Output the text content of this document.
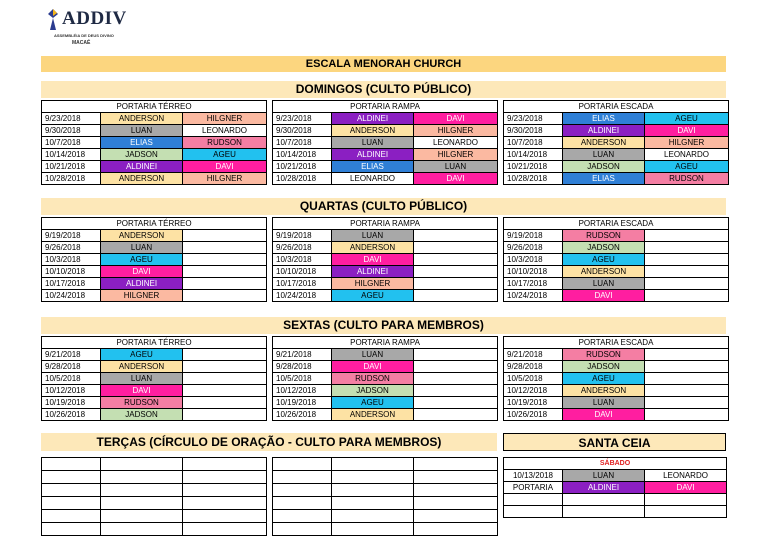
ADDIV
ASSEMBLÉIA DE DEUS DIVINO
MACAÉ
ESCALA MENORAH CHURCH
DOMINGOS (CULTO PÚBLICO)
PORTARIA TÉRREO		
9/23/2018	ANDERSON	HILGNER
9/30/2018	LUAN	LEONARDO
10/7/2018	ELIAS	RUDSON
10/14/2018	JADSON	AGEU
10/21/2018	ALDINEI	DAVI
10/28/2018	ANDERSON	HILGNER
PORTARIA RAMPA		
9/23/2018	ALDINEI	DAVI
9/30/2018	ANDERSON	HILGNER
10/7/2018	LUAN	LEONARDO
10/14/2018	ALDINEI	HILGNER
10/21/2018	ELIAS	LUAN
10/28/2018	LEONARDO	DAVI
PORTARIA ESCADA		
9/23/2018	ELIAS	AGEU
9/30/2018	ALDINEI	DAVI
10/7/2018	ANDERSON	HILGNER
10/14/2018	LUAN	LEONARDO
10/21/2018	JADSON	AGEU
10/28/2018	ELIAS	RUDSON
QUARTAS (CULTO PÚBLICO)
PORTARIA TÉRREO		
9/19/2018	ANDERSON	
9/26/2018	LUAN	
10/3/2018	AGEU	
10/10/2018	DAVI	
10/17/2018	ALDINEI	
10/24/2018	HILGNER	
PORTARIA RAMPA		
9/19/2018	LUAN	
9/26/2018	ANDERSON	
10/3/2018	DAVI	
10/10/2018	ALDINEI	
10/17/2018	HILGNER	
10/24/2018	AGEU	
PORTARIA ESCADA		
9/19/2018	RUDSON	
9/26/2018	JADSON	
10/3/2018	AGEU	
10/10/2018	ANDERSON	
10/17/2018	LUAN	
10/24/2018	DAVI	
SEXTAS (CULTO PARA MEMBROS)
PORTARIA TÉRREO		
9/21/2018	AGEU	
9/28/2018	ANDERSON	
10/5/2018	LUAN	
10/12/2018	DAVI	
10/19/2018	RUDSON	
10/26/2018	JADSON	
PORTARIA RAMPA		
9/21/2018	LUAN	
9/28/2018	DAVI	
10/5/2018	RUDSON	
10/12/2018	JADSON	
10/19/2018	AGEU	
10/26/2018	ANDERSON	
PORTARIA ESCADA		
9/21/2018	RUDSON	
9/28/2018	JADSON	
10/5/2018	AGEU	
10/12/2018	ANDERSON	
10/19/2018	LUAN	
10/26/2018	DAVI	
TERÇAS (CÍRCULO DE ORAÇÃO - CULTO PARA MEMBROS)

			SANTA CEIA
SÁBADO		
10/13/2018	LUAN	LEONARDO
PORTARIA	ALDINEI	DAVI
